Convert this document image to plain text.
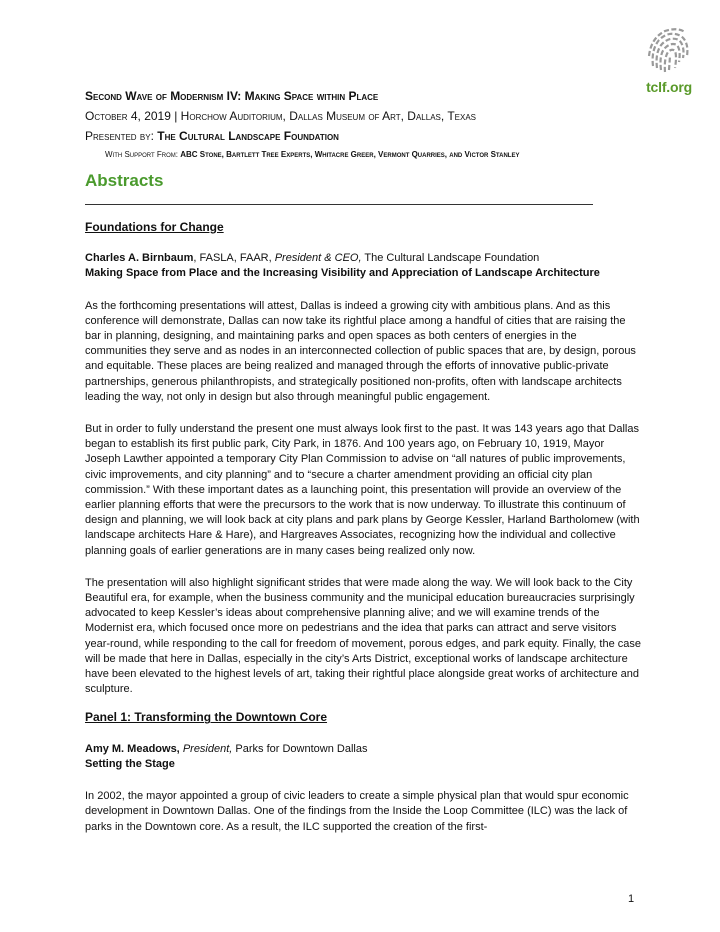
tclf.org
Second Wave of Modernism IV: Making Space within Place
October 4, 2019 | Horchow Auditorium, Dallas Museum of Art, Dallas, Texas
Presented by: The Cultural Landscape Foundation
With Support From: ABC Stone, Bartlett Tree Experts, Whitacre Greer, Vermont Quarries, and Victor Stanley
Abstracts

Foundations for Change

Charles A. Birnbaum, FASLA, FAAR, President & CEO, The Cultural Landscape Foundation

Making Space from Place and the Increasing Visibility and Appreciation of Landscape Architecture

As the forthcoming presentations will attest, Dallas is indeed a growing city with ambitious plans. And as this conference will demonstrate, Dallas can now take its rightful place among a handful of cities that are raising the bar in planning, designing, and maintaining parks and open spaces as both centers of energies in the communities they serve and as nodes in an interconnected collection of public spaces that are, by design, porous and equitable. These places are being realized and managed through the efforts of innovative public-private partnerships, generous philanthropists, and strategically positioned non-profits, often with landscape architects leading the way, not only in design but also through meaningful public engagement.

But in order to fully understand the present one must always look first to the past. It was 143 years ago that Dallas began to establish its first public park, City Park, in 1876. And 100 years ago, on February 10, 1919, Mayor Joseph Lawther appointed a temporary City Plan Commission to advise on “all natures of public improvements, civic improvements, and city planning” and to “secure a charter amendment providing an official city plan commission.” With these important dates as a launching point, this presentation will provide an overview of the earlier planning efforts that were the precursors to the work that is now underway. To illustrate this continuum of design and planning, we will look back at city plans and park plans by George Kessler, Harland Bartholomew (with landscape architects Hare & Hare), and Hargreaves Associates, recognizing how the individual and collective planning goals of earlier generations are in many cases being realized only now.

The presentation will also highlight significant strides that were made along the way. We will look back to the City Beautiful era, for example, when the business community and the municipal education bureaucracies surprisingly advocated to keep Kessler’s ideas about comprehensive planning alive; and we will examine trends of the Modernist era, which focused once more on pedestrians and the idea that parks can attract and serve visitors year-round, while responding to the call for freedom of movement, porous edges, and park equity. Finally, the case will be made that here in Dallas, especially in the city’s Arts District, exceptional works of landscape architecture have been elevated to the highest levels of art, taking their rightful place alongside great works of architecture and sculpture.

Panel 1: Transforming the Downtown Core

Amy M. Meadows, President, Parks for Downtown Dallas

Setting the Stage

In 2002, the mayor appointed a group of civic leaders to create a simple physical plan that would spur economic development in Downtown Dallas. One of the findings from the Inside the Loop Committee (ILC) was the lack of parks in the Downtown core. As a result, the ILC supported the creation of the first-

1
